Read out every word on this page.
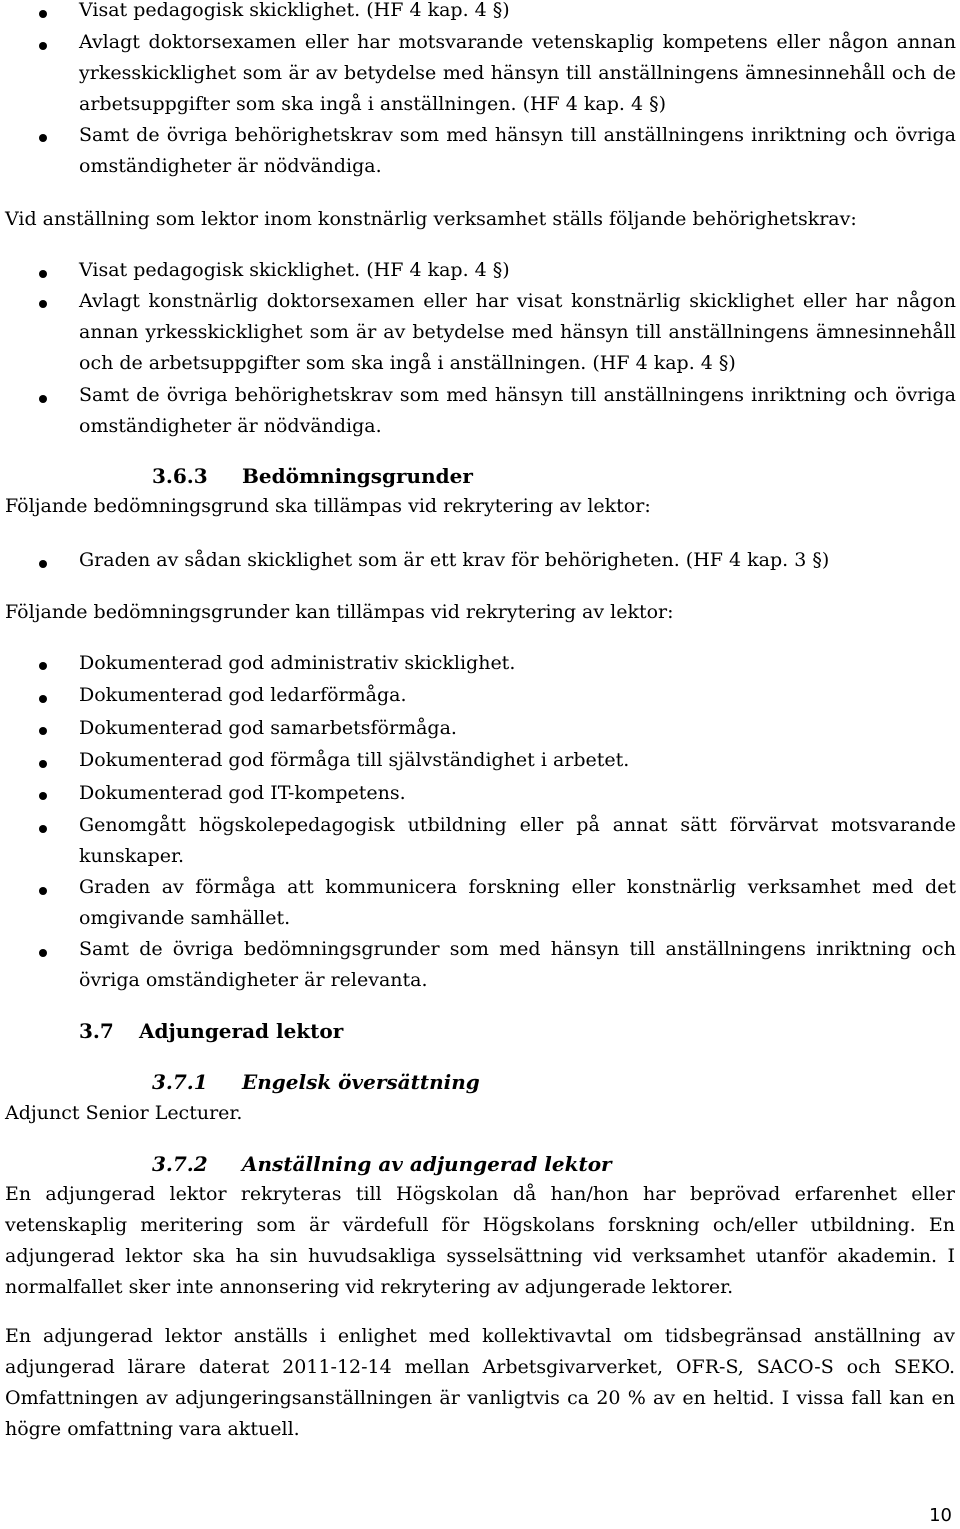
Visat pedagogisk skicklighet. (HF 4 kap. 4 §)
Avlagt doktorsexamen eller har motsvarande vetenskaplig kompetens eller någon annan yrkesskicklighet som är av betydelse med hänsyn till anställningens ämnesinnehåll och de arbetsuppgifter som ska ingå i anställningen. (HF 4 kap. 4 §)
Samt de övriga behörighetskrav som med hänsyn till anställningens inriktning och övriga omständigheter är nödvändiga.

Vid anställning som lektor inom konstnärlig verksamhet ställs följande behörighetskrav:

Visat pedagogisk skicklighet. (HF 4 kap. 4 §)
Avlagt konstnärlig doktorsexamen eller har visat konstnärlig skicklighet eller har någon annan yrkesskicklighet som är av betydelse med hänsyn till anställningens ämnesinnehåll och de arbetsuppgifter som ska ingå i anställningen. (HF 4 kap. 4 §)
Samt de övriga behörighetskrav som med hänsyn till anställningens inriktning och övriga omständigheter är nödvändiga.
3.6.3 Bedömningsgrunder

Följande bedömningsgrund ska tillämpas vid rekrytering av lektor:

Graden av sådan skicklighet som är ett krav för behörigheten. (HF 4 kap. 3 §)

Följande bedömningsgrunder kan tillämpas vid rekrytering av lektor:

Dokumenterad god administrativ skicklighet.
Dokumenterad god ledarförmåga.
Dokumenterad god samarbetsförmåga.
Dokumenterad god förmåga till självständighet i arbetet.
Dokumenterad god IT-kompetens.
Genomgått högskolepedagogisk utbildning eller på annat sätt förvärvat motsvarande kunskaper.
Graden av förmåga att kommunicera forskning eller konstnärlig verksamhet med det omgivande samhället.
Samt de övriga bedömningsgrunder som med hänsyn till anställningens inriktning och övriga omständigheter är relevanta.
3.7 Adjungerad lektor
3.7.1 Engelsk översättning

Adjunct Senior Lecturer.

3.7.2 Anställning av adjungerad lektor

En adjungerad lektor rekryteras till Högskolan då han/hon har beprövad erfarenhet eller vetenskaplig meritering som är värdefull för Högskolans forskning och/eller utbildning. En adjungerad lektor ska ha sin huvudsakliga sysselsättning vid verksamhet utanför akademin. I normalfallet sker inte annonsering vid rekrytering av adjungerade lektorer.

En adjungerad lektor anställs i enlighet med kollektivavtal om tidsbegränsad anställning av adjungerad lärare daterat 2011-12-14 mellan Arbetsgivarverket, OFR-S, SACO-S och SEKO. Omfattningen av adjungeringsanställningen är vanligtvis ca 20 % av en heltid. I vissa fall kan en högre omfattning vara aktuell.

10
